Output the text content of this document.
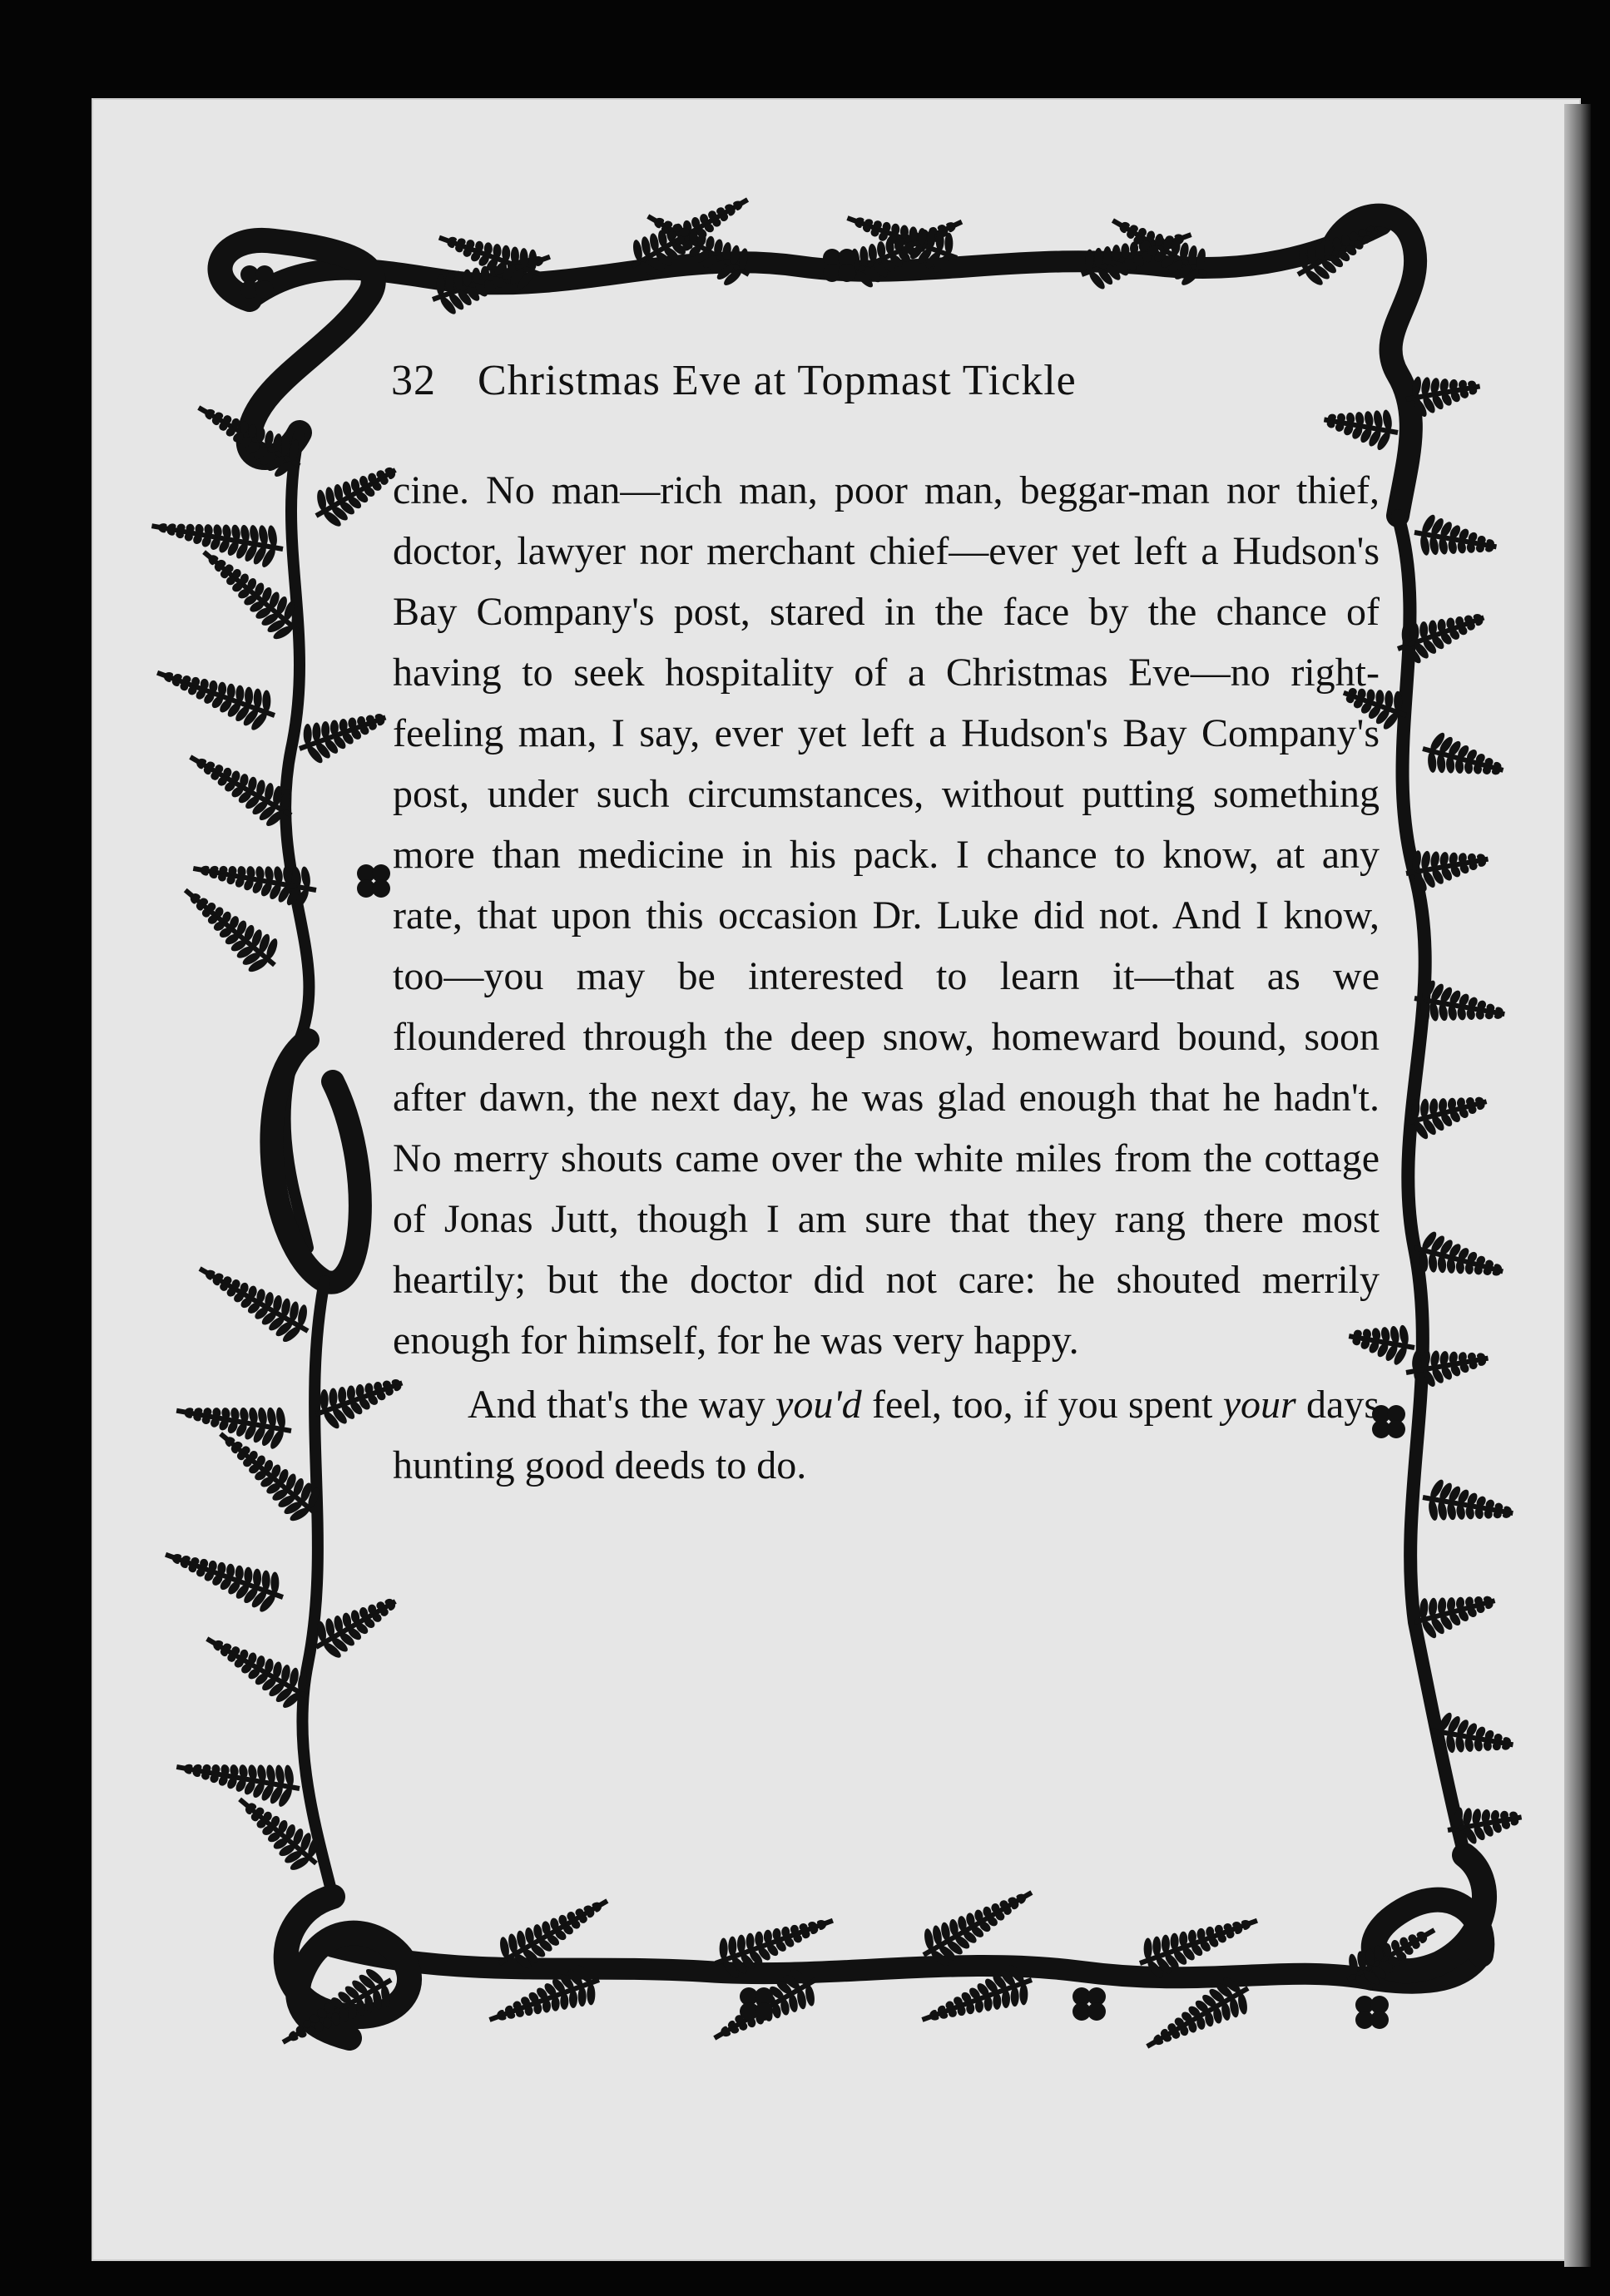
32 Christmas Eve at Topmast Tickle

cine. No man—rich man, poor man, beggar-man nor thief, doctor, lawyer nor merchant chief—ever yet left a Hudson's Bay Company's post, stared in the face by the chance of having to seek hospitality of a Christmas Eve—no right-feeling man, I say, ever yet left a Hudson's Bay Company's post, under such circumstances, without putting something more than medicine in his pack. I chance to know, at any rate, that upon this occasion Dr. Luke did not. And I know, too—you may be interested to learn it—that as we floundered through the deep snow, homeward bound, soon after dawn, the next day, he was glad enough that he hadn't. No merry shouts came over the white miles from the cottage of Jonas Jutt, though I am sure that they rang there most heartily; but the doctor did not care: he shouted merrily enough for himself, for he was very happy.

And that's the way you'd feel, too, if you spent your days hunting good deeds to do.
